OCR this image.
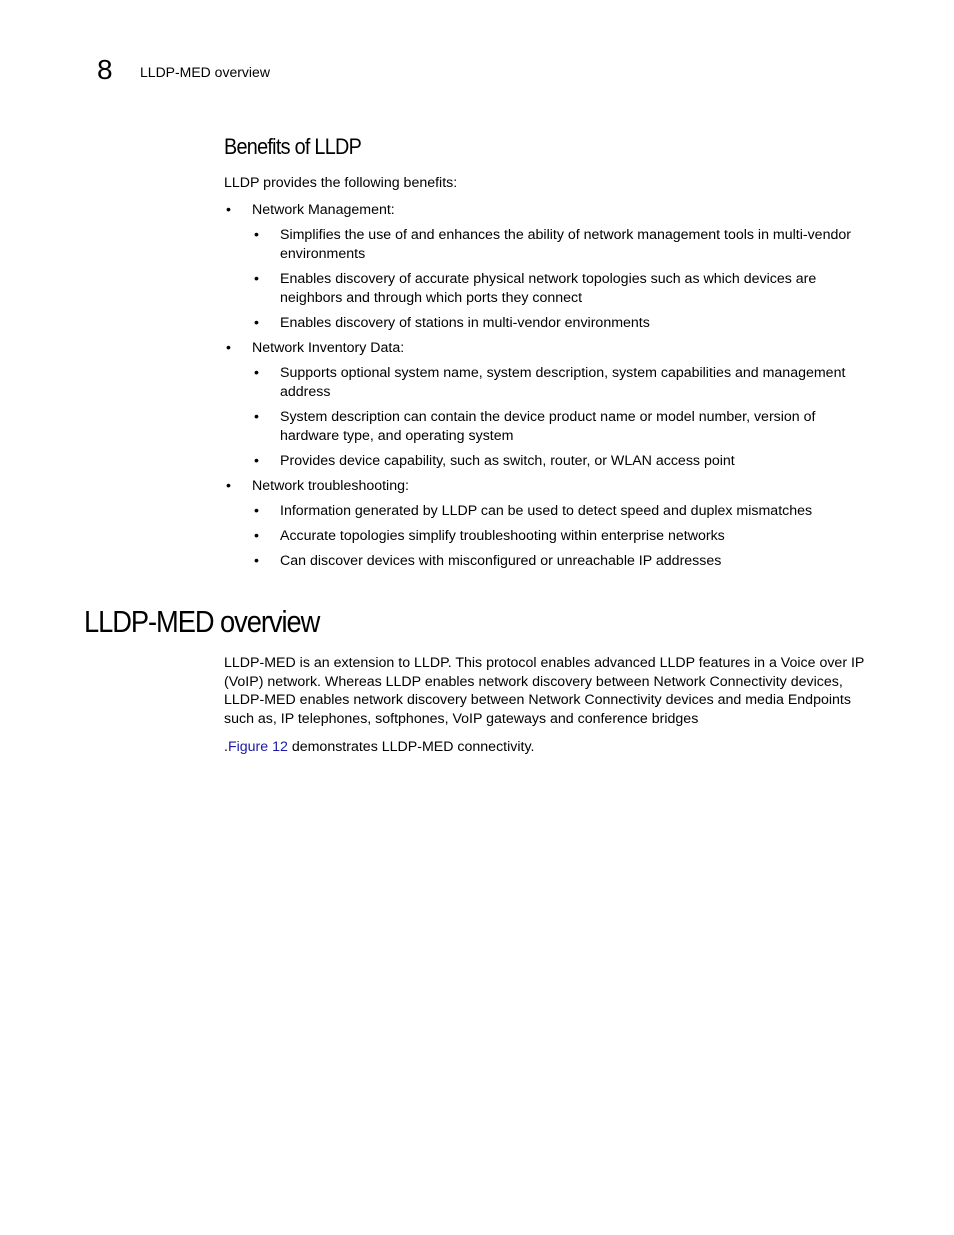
8	LLDP-MED overview
Benefits of LLDP

LLDP provides the following benefits:

• Network Management:
• Simplifies the use of and enhances the ability of network management tools in multi-vendor environments
• Enables discovery of accurate physical network topologies such as which devices are neighbors and through which ports they connect
• Enables discovery of stations in multi-vendor environments
• Network Inventory Data:
• Supports optional system name, system description, system capabilities and management address
• System description can contain the device product name or model number, version of hardware type, and operating system
• Provides device capability, such as switch, router, or WLAN access point
• Network troubleshooting:
• Information generated by LLDP can be used to detect speed and duplex mismatches
• Accurate topologies simplify troubleshooting within enterprise networks
• Can discover devices with misconfigured or unreachable IP addresses
LLDP-MED overview

LLDP-MED is an extension to LLDP. This protocol enables advanced LLDP features in a Voice over IP (VoIP) network. Whereas LLDP enables network discovery between Network Connectivity devices, LLDP-MED enables network discovery between Network Connectivity devices and media Endpoints such as, IP telephones, softphones, VoIP gateways and conference bridges

.Figure 12 demonstrates LLDP-MED connectivity.
